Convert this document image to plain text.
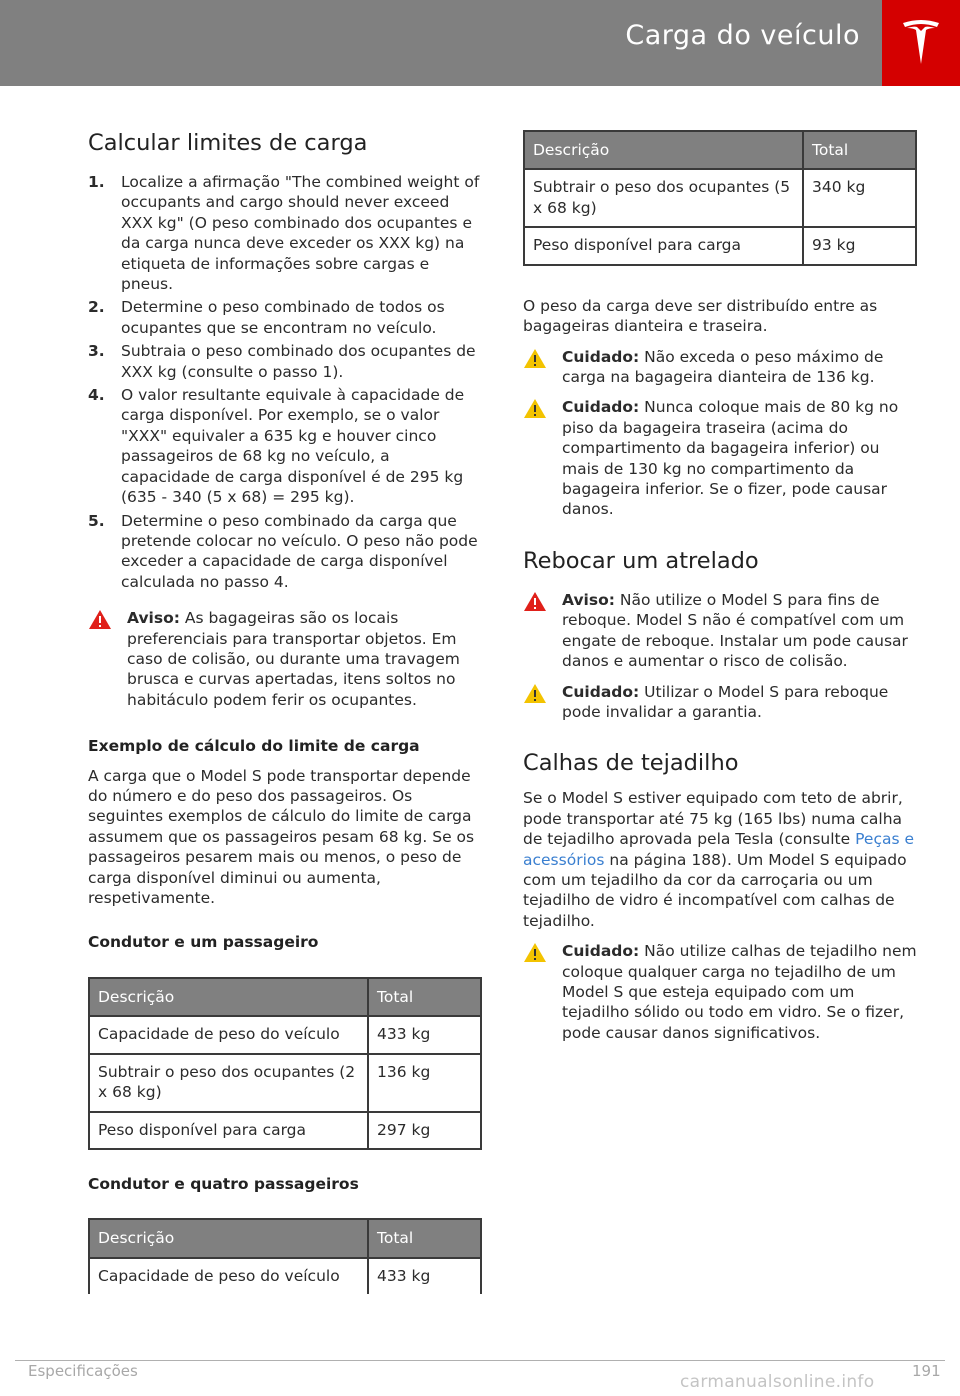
Carga do veículo
Calcular limites de carga
1. Localize a afirmação "The combined weight of occupants and cargo should never exceed XXX kg" (O peso combinado dos ocupantes e da carga nunca deve exceder os XXX kg) na etiqueta de informações sobre cargas e pneus.
2. Determine o peso combinado de todos os ocupantes que se encontram no veículo.
3. Subtraia o peso combinado dos ocupantes de XXX kg (consulte o passo 1).
4. O valor resultante equivale à capacidade de carga disponível. Por exemplo, se o valor "XXX" equivaler a 635 kg e houver cinco passageiros de 68 kg no veículo, a capacidade de carga disponível é de 295 kg (635 - 340 (5 x 68) = 295 kg).
5. Determine o peso combinado da carga que pretende colocar no veículo. O peso não pode exceder a capacidade de carga disponível calculada no passo 4.
Aviso: As bagageiras são os locais preferenciais para transportar objetos. Em caso de colisão, ou durante uma travagem brusca e curvas apertadas, itens soltos no habitáculo podem ferir os ocupantes.
Exemplo de cálculo do limite de carga

A carga que o Model S pode transportar depende do número e do peso dos passageiros. Os seguintes exemplos de cálculo do limite de carga assumem que os passageiros pesam 68 kg. Se os passageiros pesarem mais ou menos, o peso de carga disponível diminui ou aumenta, respetivamente.

Condutor e um passageiro
Descrição	Total
Capacidade de peso do veículo	433 kg
Subtrair o peso dos ocupantes (2 x 68 kg)	136 kg
Peso disponível para carga	297 kg
Condutor e quatro passageiros
Descrição	Total
Capacidade de peso do veículo	433 kg
Descrição	Total
Subtrair o peso dos ocupantes (5 x 68 kg)	340 kg
Peso disponível para carga	93 kg

O peso da carga deve ser distribuído entre as bagageiras dianteira e traseira.

Cuidado: Não exceda o peso máximo de carga na bagageira dianteira de 136 kg.
Cuidado: Nunca coloque mais de 80 kg no piso da bagageira traseira (acima do compartimento da bagageira inferior) ou mais de 130 kg no compartimento da bagageira inferior. Se o fizer, pode causar danos.
Rebocar um atrelado
Aviso: Não utilize o Model S para fins de reboque. Model S não é compatível com um engate de reboque. Instalar um pode causar danos e aumentar o risco de colisão.
Cuidado: Utilizar o Model S para reboque pode invalidar a garantia.
Calhas de tejadilho

Se o Model S estiver equipado com teto de abrir, pode transportar até 75 kg (165 lbs) numa calha de tejadilho aprovada pela Tesla (consulte Peças e acessórios na página 188). Um Model S equipado com um tejadilho da cor da carroçaria ou um tejadilho de vidro é incompatível com calhas de tejadilho.

Cuidado: Não utilize calhas de tejadilho nem coloque qualquer carga no tejadilho de um Model S que esteja equipado com um tejadilho sólido ou todo em vidro. Se o fizer, pode causar danos significativos.
Especificações	191
carmanualsonline.info
